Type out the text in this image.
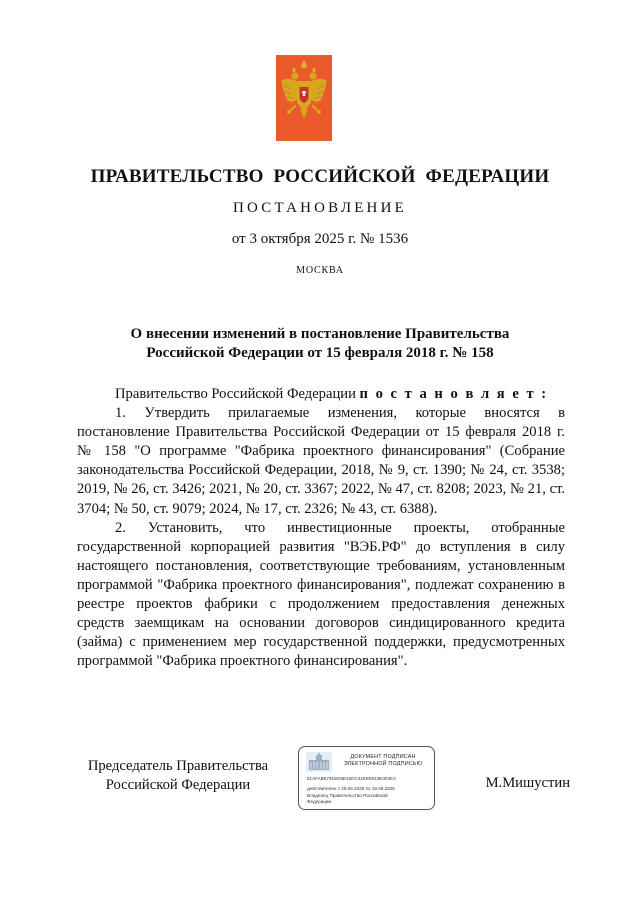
ПРАВИТЕЛЬСТВО РОССИЙСКОЙ ФЕДЕРАЦИИ
ПОСТАНОВЛЕНИЕ
от 3 октября 2025 г. № 1536
МОСКВА
О внесении изменений в постановление Правительства
Российской Федерации от 15 февраля 2018 г. № 158

Правительство Российской Федерации п о с т а н о в л я е т :

1. Утвердить прилагаемые изменения, которые вносятся в постановление Правительства Российской Федерации от 15 февраля 2018 г. № 158 "О программе "Фабрика проектного финансирования" (Собрание законодательства Российской Федерации, 2018, № 9, ст. 1390; № 24, ст. 3538; 2019, № 26, ст. 3426; 2021, № 20, ст. 3367; 2022, № 47, ст. 8208; 2023, № 21, ст. 3704; № 50, ст. 9079; 2024, № 17, ст. 2326; № 43, ст. 6388).

2. Установить, что инвестиционные проекты, отобранные государственной корпорацией развития "ВЭБ.РФ" до вступления в силу настоящего постановления, соответствующие требованиям, установленным программой "Фабрика проектного финансирования", подлежат сохранению в реестре проектов фабрики с продолжением предоставления денежных средств заемщикам на основании договоров синдицированного кредита (займа) с применением мер государственной поддержки, предусмотренных программой "Фабрика проектного финансирования".

Председатель Правительства
Российской Федерации
ДОКУМЕНТ ПОДПИСАН
ЭЛЕКТРОННОЙ ПОДПИСЬЮ
51AFA8B781ED6E42DC41EE5043E303E3
действителен с 26.06.2025 по 19.09.2026
Владелец Правительство Российской
Федерации
М.Мишустин
